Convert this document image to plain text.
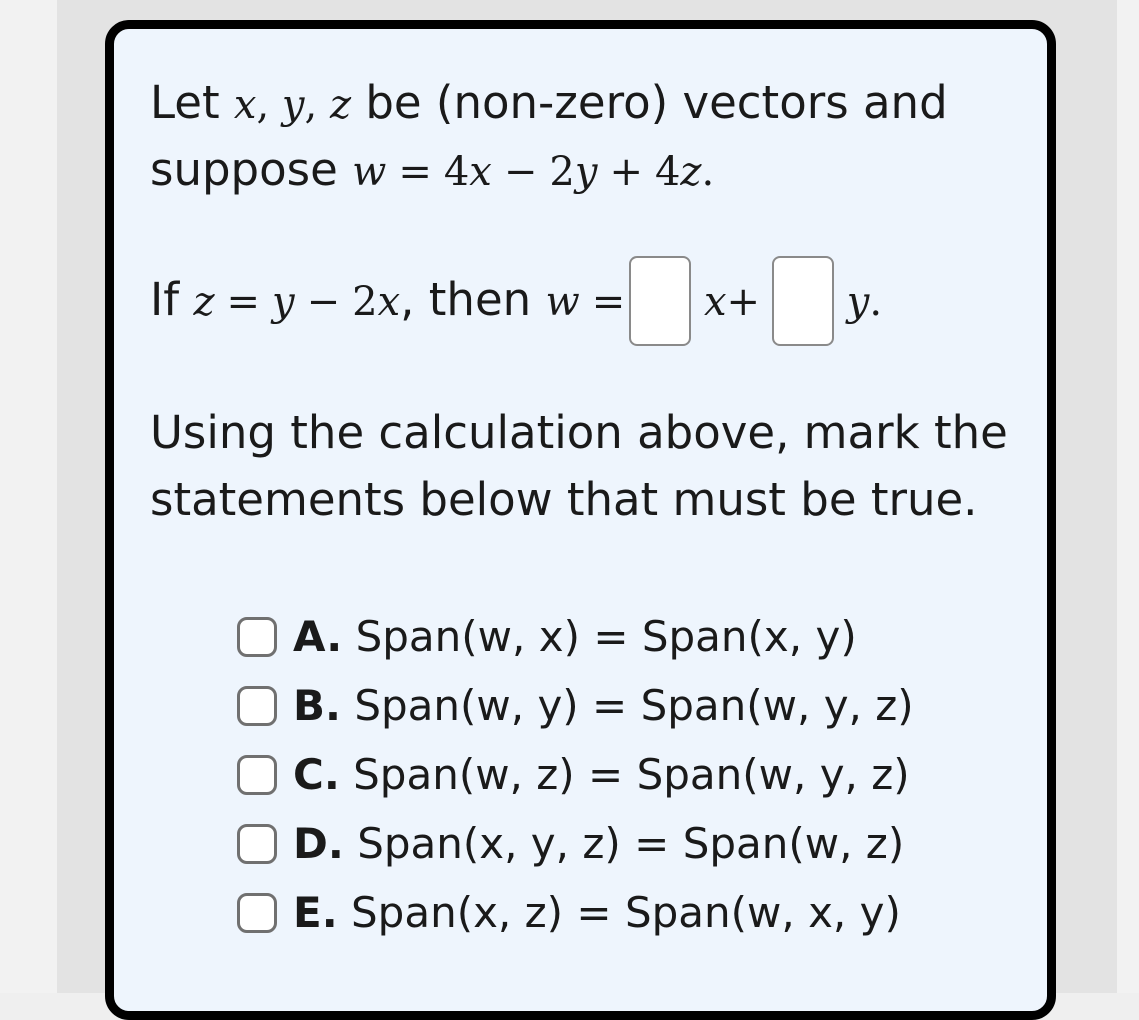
Let x, y, z be (non-zero) vectors and
suppose w = 4x − 2y + 4z.
If z = y − 2x, then w = x+ y.
Using the calculation above, mark the
statements below that must be true.
A.
Span(w, x) = Span(x, y)
B.
Span(w, y) = Span(w, y, z)
C.
Span(w, z) = Span(w, y, z)
D.
Span(x, y, z) = Span(w, z)
E.
Span(x, z) = Span(w, x, y)
